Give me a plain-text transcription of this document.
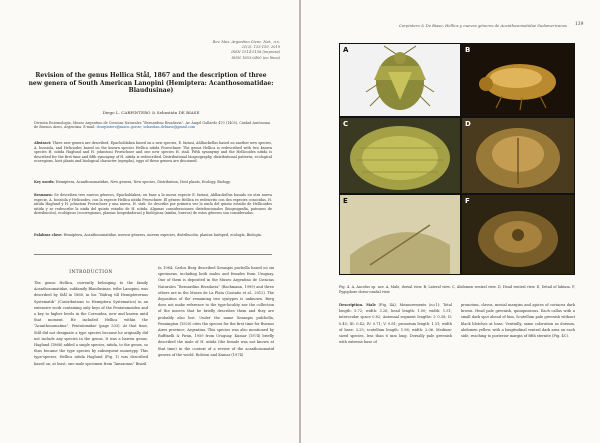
Rev. Mus. Argentino Cienc. Nat., n.s.
21(2): 133-159, 2019
ISSN 1514-5158 (impresa)
ISSN 1853-0400 (en línea)
Revision of the genus Hellica Stål, 1867 and the description of three new genera of South American Lanopini (Hemiptera: Acanthosomatidae: Blaudusinae)
Diego L. CARPINTERO & Sebastián DE BIASE
División Entomología, Museo Argentino de Ciencias Naturales “Bernardino Rivadavia”. Av. Ángel Gallardo 470 (1405), Ciudad Autónoma de Buenos Aires, Argentina. E-mail: dcarpintero@macn.gov.ar; sebastian.debiase@gmail.com
Abstract: Three new genera are described, Epachoblakea based on a new species, E. fariasi, Ahlbackellus based on another new species, A. bossiola, and Heliciodes based on the known species Hellica nitida Froeschner. The genus Hellica is redescribed with two known species H. nitida Haglund and H. johnstoni Froeschner and one new species H. stali. Fifth synonymy and the Hellicoides nitida is described for the first time and fifth synonymy of H. nitida is redescribed. Distributional biogeography, distributional patterns, ecological ecoregions, host plants and biological character (nymphs), eggs of these genera are discussed.
Key words: Hemiptera, Acanthosomatidae, New genera, New species, Distribution, Host plants, Ecology, Biology.
Resumen: Se describen tres nuevos géneros, Epachoblakea, en base a la nueva especie E. fariasi, Ahlbackellus basado en otra nueva especie, A. bossiola y Heliciodes, con la especie Hellica nitida Froeschner. El género Hellica es redescrito con dos especies conocidas, H. nitida Haglund y H. johnstoni Froeschner y una nueva, H. stali. Se describe por primera vez la ninfa del quinto estadio de Hellicoides nitida y se redescribe la ninfa del quinto estadio de H. nitida. Algunas consideraciones distribucionales (biogeografía, patrones de distribución), ecológicas (ecorregiones, plantas hospedadoras) y biológicas (ninfas, huevos) de estos géneros son consideradas.
Palabras clave: Hemiptera, Acanthosomatidae, nuevos géneros, nuevas especies, distribución, plantas huésped, ecología, Biología.
INTRODUCTION
The genus Hellica, currently belonging to the family Acanthosomatidae, subfamily Blaudusinae, tribe Lanopini, was described by Stål in 1868, in his “Bidrag till Hemipterernas Systematik” (Contributions to Hemiptera Systematics) in an extensive work containing only keys of the Pentatomoidea and a key to higher levels in the Coreoidea, new and known until that moment. He included Hellica within the “Acanthosomatina”, Pentatomidae (page 533). At that time, Stål did not designate a type species because he originally did not include any species in the genus. It was a barren genus. Haglund (1868) added a single species, nitida, to the genus, so thus became the type species by subsequent monotypy. This type-species, Hellica nitida Haglund (Fig. 1) was described based on, at least, one male specimen from “Amazonas” Brazil.
In 1984, Carlos Berg described Xenaspis puchella based on six specimens, including both males and females from Uruguay. One of them is deposited in the Museo Argentino de Ciencias Naturales “Bernardino Rivadavia” (Bachmann, 1999) and three others are in the Museo de La Plata (Castaño et al., 2012). The deposition of the remaining two syntypes is unknown. Berg does not make reference to the type-locality nor the collection of the insects that he briefly describes them and they are probably also lost. Under the name Xenaspis pulchella, Pennington (1920) cites the species for the first time for Buenos Aires province, Argentina. This species was also mentioned by Ruffinelli & Pirán, 1959 from Uruguay. Kumar (1974) briefly described the male of H. nitida (the female was not known at that time) in the context of a review of the acanthosomatid genera of the world. Rolston and Kumar (1974)
Carpintero & De Biase: Hellica y nuevos géneros de Acanthosomatidae Sudamericanos 139
A	B
C	D
E	F
Fig. 4. A, Ancelus sp. nov. A, Male, dorsal view. B, Lateral view. C, Abdomen ventral view. D, Head ventral view. E, Detail of labium. F, Pygophore dorso-caudal view.
Description. Male (Fig. 4A). Measurements (n=1): Total length: 5.72; width: 3.26; head length: 1.00; width: 1.51; interocular space 0.82; Antennal segment lengths: I: 0.38; II: 0.45; III: 0.42; IV: 0.71; V: 0.81; pronotum length: 1.31; width of base: 3.25; scutellum length: 1.96; width: 2.06. Medium-sized species, less than 6 mm long. Dorsally pale greenish with extreme base of
pronotum, clavus, mesial margins and apices of coriacea dark brown. Head pale greenish, quinquineous. Each callus with a small dark spot ahead of him. Scutellum pale greenish without black blotches at base. Ventrally, same coloration as dorsum, abdomen yellow, with a longitudinal ventral dark area on each side, reaching to posterior margin of fifth sternite (Fig. 4C).
